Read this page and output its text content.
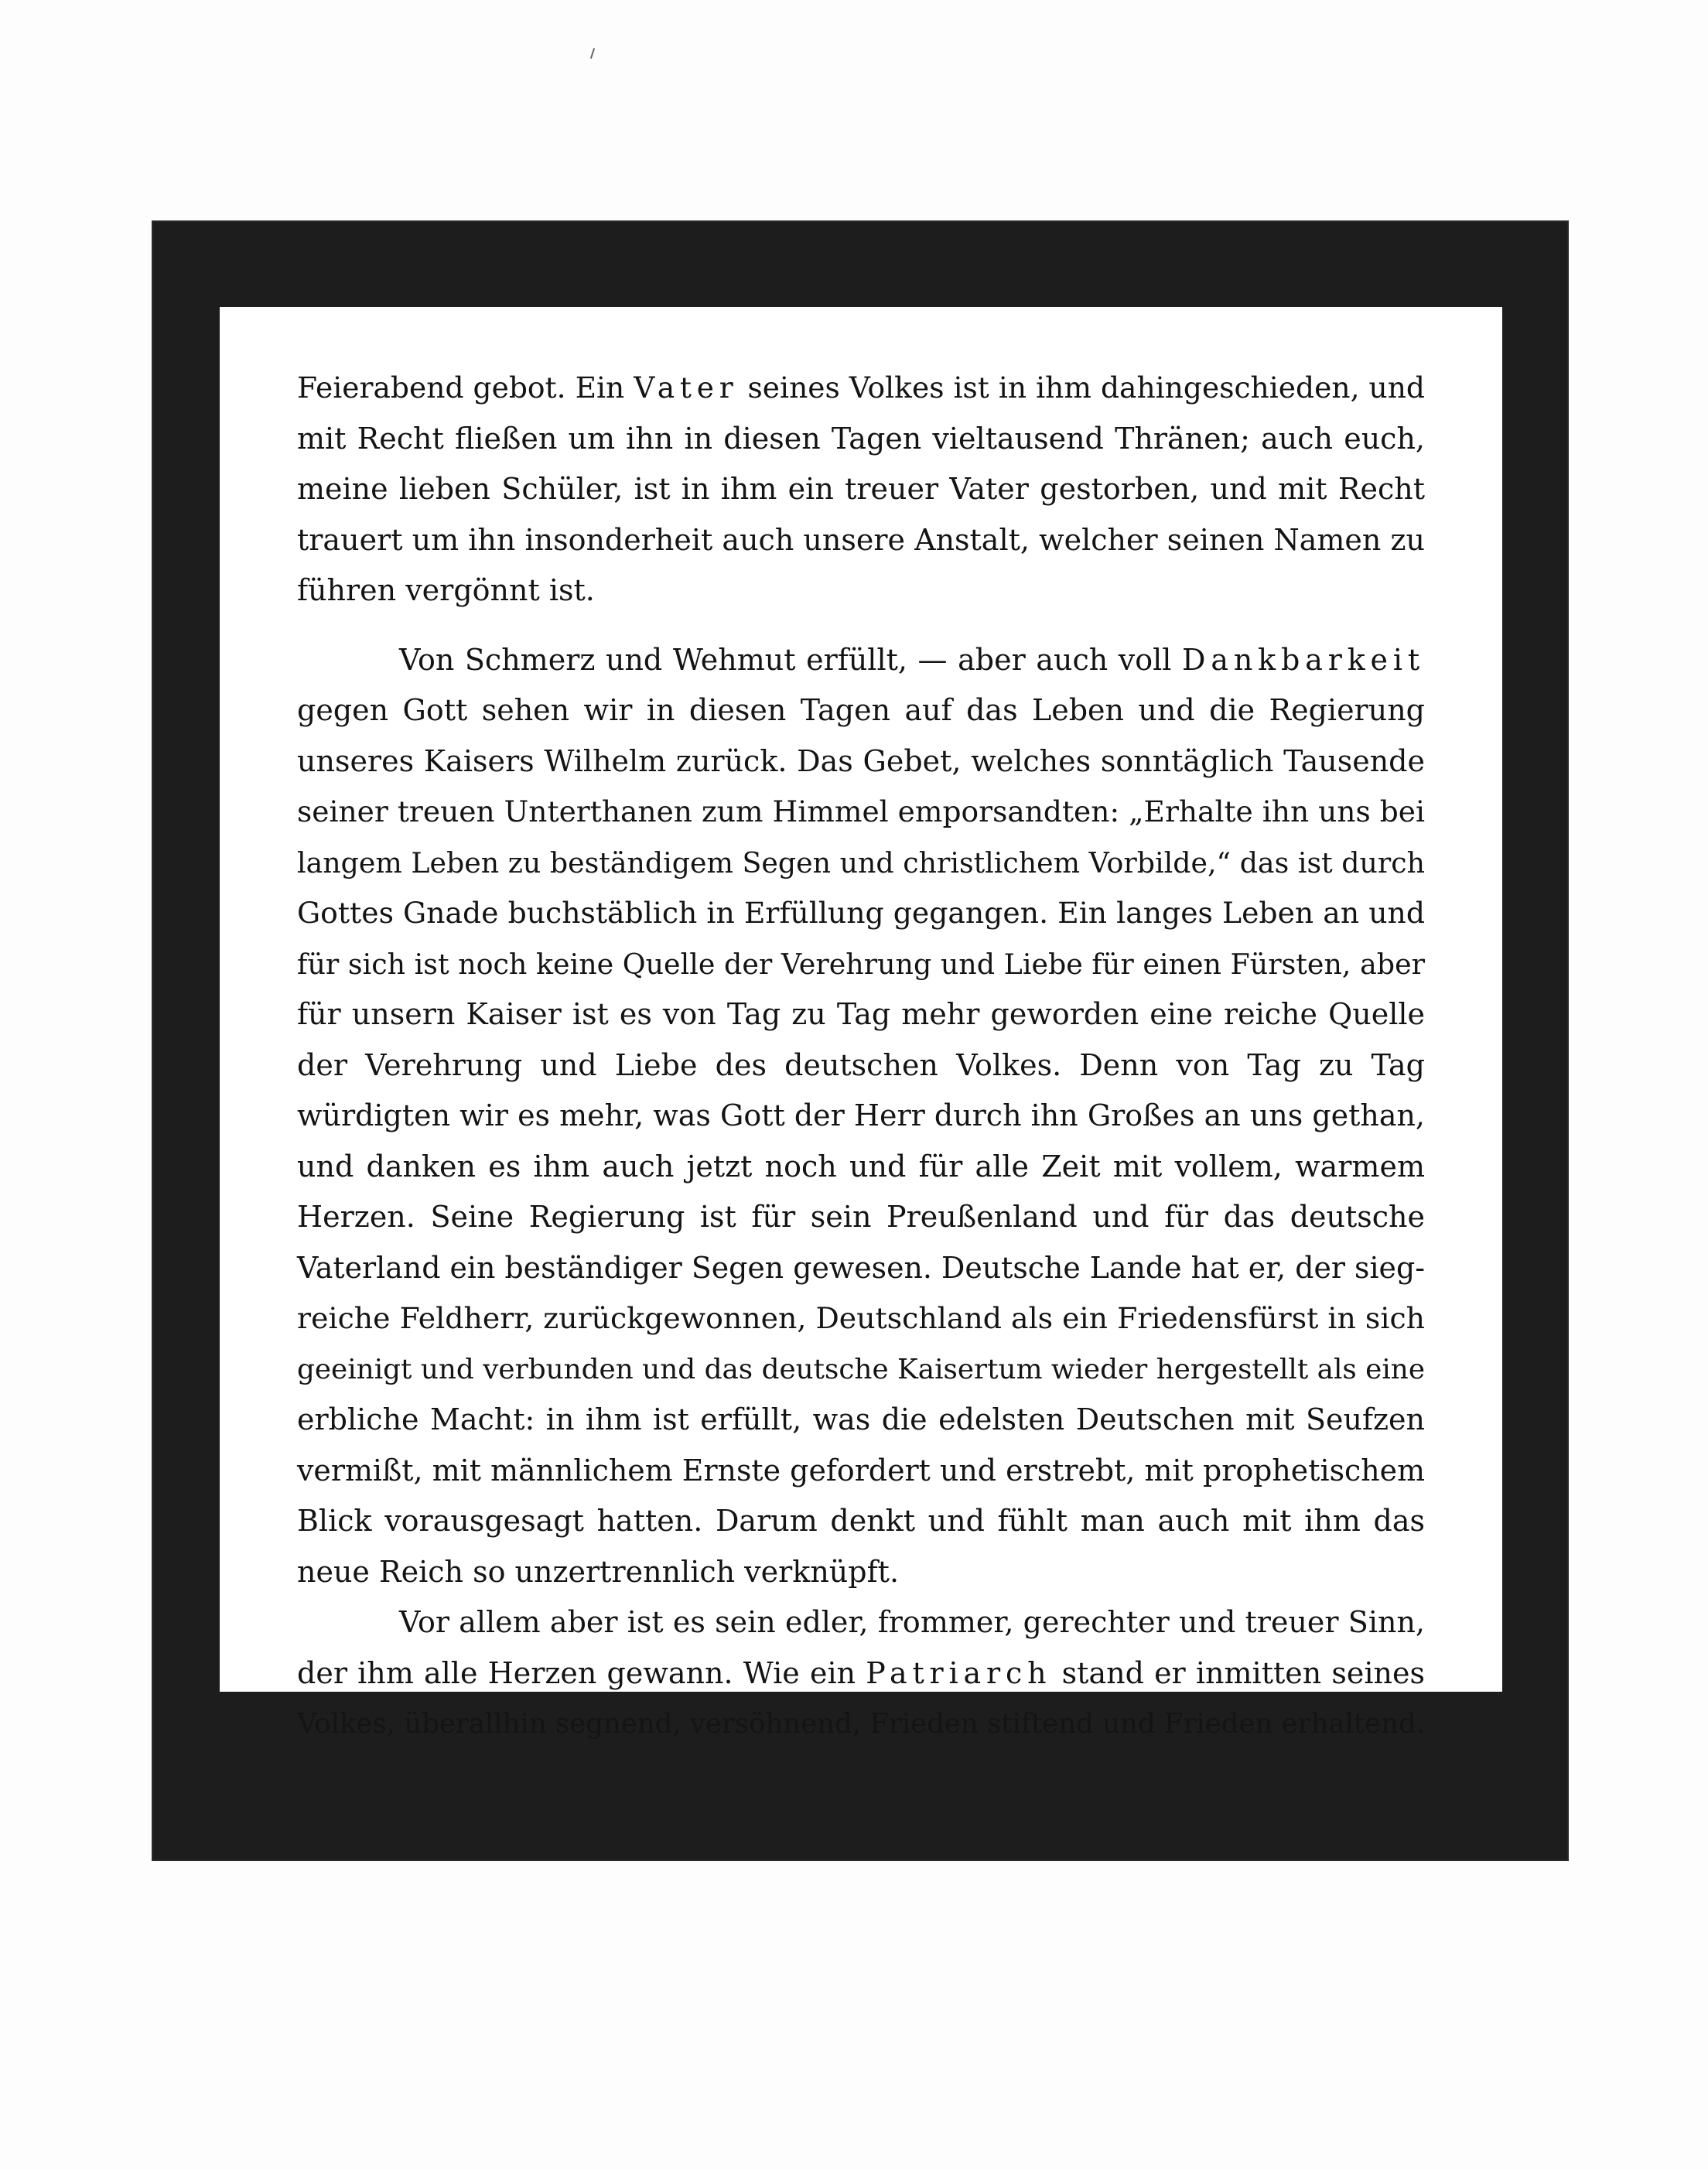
Feierabend gebot. Ein Vater seines Volkes ist in ihm dahingeschieden, und
mit Recht fließen um ihn in diesen Tagen vieltausend Thränen; auch euch,
meine lieben Schüler, ist in ihm ein treuer Vater gestorben, und mit Recht
trauert um ihn insonderheit auch unsere Anstalt, welcher seinen Namen zu
führen vergönnt ist.
Von Schmerz und Wehmut erfüllt, — aber auch voll Dankbarkeit
gegen Gott sehen wir in diesen Tagen auf das Leben und die Regierung
unseres Kaisers Wilhelm zurück. Das Gebet, welches sonntäglich Tausende
seiner treuen Unterthanen zum Himmel emporsandten: „Erhalte ihn uns bei
langem Leben zu beständigem Segen und christlichem Vorbilde,“ das ist durch
Gottes Gnade buchstäblich in Erfüllung gegangen. Ein langes Leben an und
für sich ist noch keine Quelle der Verehrung und Liebe für einen Fürsten, aber
für unsern Kaiser ist es von Tag zu Tag mehr geworden eine reiche Quelle
der Verehrung und Liebe des deutschen Volkes. Denn von Tag zu Tag
würdigten wir es mehr, was Gott der Herr durch ihn Großes an uns gethan,
und danken es ihm auch jetzt noch und für alle Zeit mit vollem, warmem
Herzen. Seine Regierung ist für sein Preußenland und für das deutsche
Vaterland ein beständiger Segen gewesen. Deutsche Lande hat er, der sieg-
reiche Feldherr, zurückgewonnen, Deutschland als ein Friedensfürst in sich
geeinigt und verbunden und das deutsche Kaisertum wieder hergestellt als eine
erbliche Macht: in ihm ist erfüllt, was die edelsten Deutschen mit Seufzen
vermißt, mit männlichem Ernste gefordert und erstrebt, mit prophetischem
Blick vorausgesagt hatten. Darum denkt und fühlt man auch mit ihm das
neue Reich so unzertrennlich verknüpft.
Vor allem aber ist es sein edler, frommer, gerechter und treuer Sinn,
der ihm alle Herzen gewann. Wie ein Patriarch stand er inmitten seines
Volkes, überallhin segnend, versöhnend, Frieden stiftend und Frieden erhaltend.
